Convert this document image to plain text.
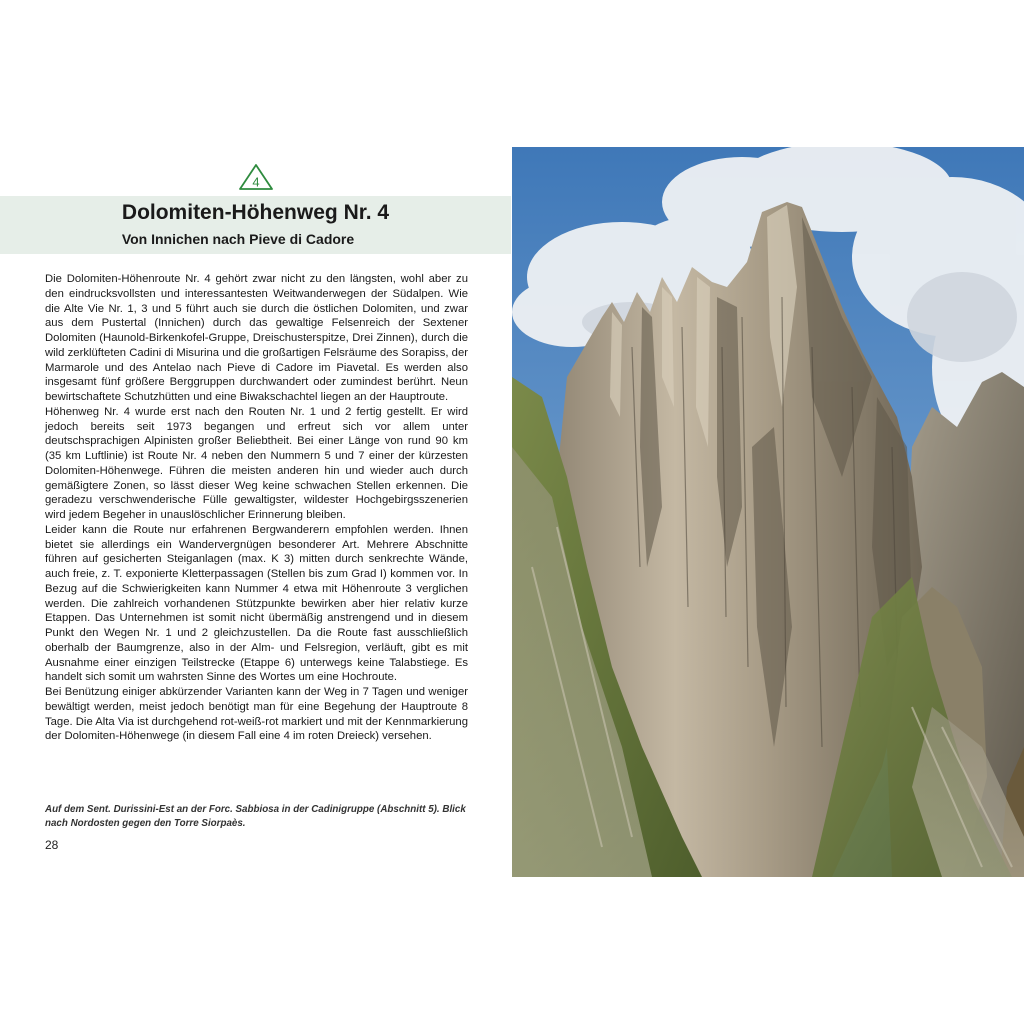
4
Dolomiten-Höhenweg Nr. 4
Von Innichen nach Pieve di Cadore

Die Dolomiten-Höhenroute Nr. 4 gehört zwar nicht zu den längsten, wohl aber zu den eindrucksvollsten und interessantesten Weitwanderwegen der Südalpen. Wie die Alte Vie Nr. 1, 3 und 5 führt auch sie durch die östlichen Dolomiten, und zwar aus dem Pustertal (Innichen) durch das gewaltige Felsenreich der Sextener Dolomiten (Haunold-Birkenkofel-Gruppe, Dreischusterspitze, Drei Zinnen), durch die wild zerklüfteten Cadini di Misurina und die großartigen Felsräume des Sorapiss, der Marmarole und des Antelao nach Pieve di Cadore im Piavetal. Es werden also insgesamt fünf größere Berggruppen durchwandert oder zumindest berührt. Neun bewirtschaftete Schutzhütten und eine Biwakschachtel liegen an der Hauptroute.

Höhenweg Nr. 4 wurde erst nach den Routen Nr. 1 und 2 fertig gestellt. Er wird jedoch bereits seit 1973 begangen und erfreut sich vor allem unter deutschsprachigen Alpinisten großer Beliebtheit. Bei einer Länge von rund 90 km (35 km Luftlinie) ist Route Nr. 4 neben den Nummern 5 und 7 einer der kürzesten Dolomiten-Höhenwege. Führen die meisten anderen hin und wieder auch durch gemäßigtere Zonen, so lässt dieser Weg keine schwachen Stellen erkennen. Die geradezu verschwenderische Fülle gewaltigster, wildester Hochgebirgsszenerien wird jedem Begeher in unauslöschlicher Erinnerung bleiben.

Leider kann die Route nur erfahrenen Bergwanderern empfohlen werden. Ihnen bietet sie allerdings ein Wandervergnügen besonderer Art. Mehrere Abschnitte führen auf gesicherten Steiganlagen (max. K 3) mitten durch senkrechte Wände, auch freie, z. T. exponierte Kletterpassagen (Stellen bis zum Grad I) kommen vor. In Bezug auf die Schwierigkeiten kann Nummer 4 etwa mit Höhenroute 3 verglichen werden. Die zahlreich vorhandenen Stützpunkte bewirken aber hier relativ kurze Etappen. Das Unternehmen ist somit nicht übermäßig anstrengend und in diesem Punkt den Wegen Nr. 1 und 2 gleichzustellen. Da die Route fast ausschließlich oberhalb der Baumgrenze, also in der Alm- und Felsregion, verläuft, gibt es mit Ausnahme einer einzigen Teilstrecke (Etappe 6) unterwegs keine Talabstiege. Es handelt sich somit um wahrsten Sinne des Wortes um eine Hochroute.

Bei Benützung einiger abkürzender Varianten kann der Weg in 7 Tagen und weniger bewältigt werden, meist jedoch benötigt man für eine Begehung der Hauptroute 8 Tage. Die Alta Via ist durchgehend rot-weiß-rot markiert und mit der Kennmarkierung der Dolomiten-Höhenwege (in diesem Fall eine 4 im roten Dreieck) versehen.

Auf dem Sent. Durissini-Est an der Forc. Sabbiosa in der Cadinigruppe (Abschnitt 5). Blick nach Nordosten gegen den Torre Siorpaès.
28
